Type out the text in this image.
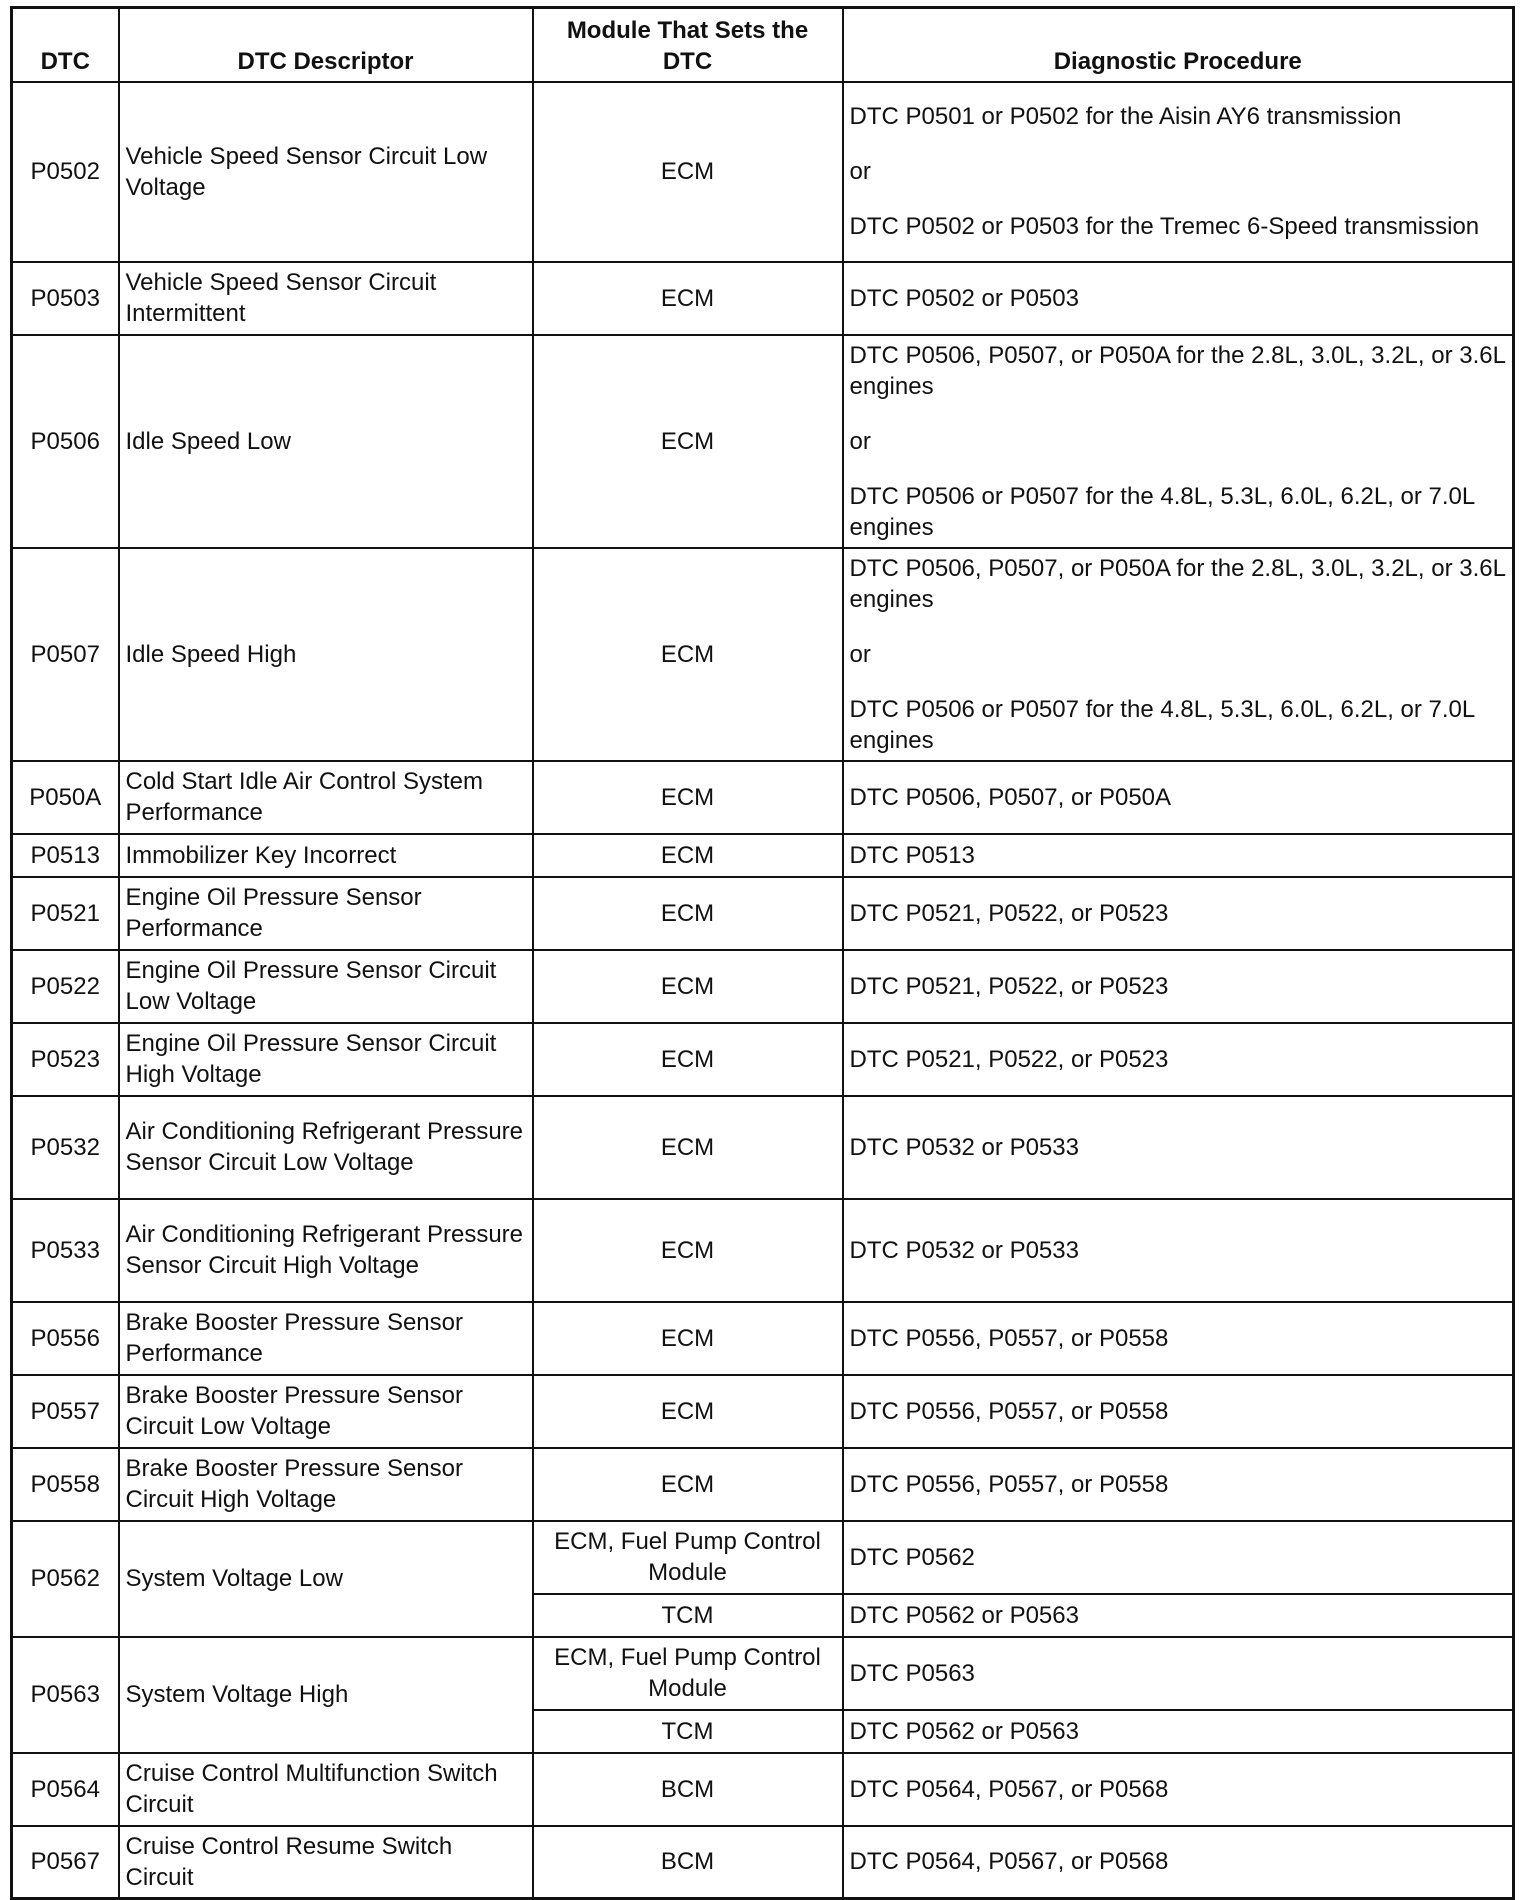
DTC	DTC Descriptor	Module That Sets the DTC	Diagnostic Procedure
P0502	Vehicle Speed Sensor Circuit Low Voltage	ECM	DTC P0501 or P0502 for the Aisin AY6 transmission
or
DTC P0502 or P0503 for the Tremec 6-Speed transmission

P0503	Vehicle Speed Sensor Circuit Intermittent	ECM	DTC P0502 or P0503

P0506	Idle Speed Low	ECM	DTC P0506, P0507, or P050A for the 2.8L, 3.0L, 3.2L, or 3.6L engines
or
DTC P0506 or P0507 for the 4.8L, 5.3L, 6.0L, 6.2L, or 7.0L engines

P0507	Idle Speed High	ECM	DTC P0506, P0507, or P050A for the 2.8L, 3.0L, 3.2L, or 3.6L engines
or
DTC P0506 or P0507 for the 4.8L, 5.3L, 6.0L, 6.2L, or 7.0L engines

P050A	Cold Start Idle Air Control System Performance	ECM	DTC P0506, P0507, or P050A

P0513	Immobilizer Key Incorrect	ECM	DTC P0513

P0521	Engine Oil Pressure Sensor Performance	ECM	DTC P0521, P0522, or P0523

P0522	Engine Oil Pressure Sensor Circuit Low Voltage	ECM	DTC P0521, P0522, or P0523

P0523	Engine Oil Pressure Sensor Circuit High Voltage	ECM	DTC P0521, P0522, or P0523

P0532	Air Conditioning Refrigerant Pressure Sensor Circuit Low Voltage	ECM	DTC P0532 or P0533

P0533	Air Conditioning Refrigerant Pressure Sensor Circuit High Voltage	ECM	DTC P0532 or P0533

P0556	Brake Booster Pressure Sensor Performance	ECM	DTC P0556, P0557, or P0558

P0557	Brake Booster Pressure Sensor Circuit Low Voltage	ECM	DTC P0556, P0557, or P0558

P0558	Brake Booster Pressure Sensor Circuit High Voltage	ECM	DTC P0556, P0557, or P0558

P0562	System Voltage Low	ECM, Fuel Pump Control Module	DTC P0562

		TCM	DTC P0562 or P0563

P0563	System Voltage High	ECM, Fuel Pump Control Module	DTC P0563

		TCM	DTC P0562 or P0563

P0564	Cruise Control Multifunction Switch Circuit	BCM	DTC P0564, P0567, or P0568

P0567	Cruise Control Resume Switch Circuit	BCM	DTC P0564, P0567, or P0568
